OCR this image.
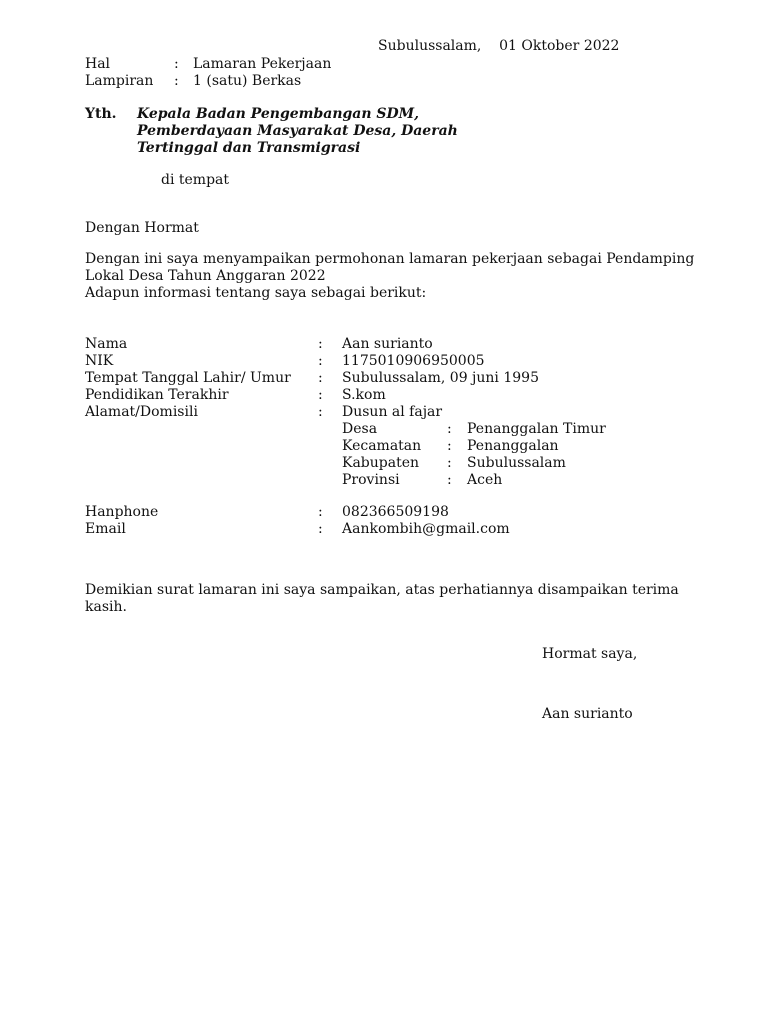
Subulussalam,    01 Oktober 2022
Hal	: Lamaran Pekerjaan
Lampiran : 1 (satu) Berkas
Yth. Kepala Badan Pengembangan SDM,
Pemberdayaan Masyarakat Desa, Daerah
Tertinggal dan Transmigrasi
di tempat
Dengan Hormat
Dengan ini saya menyampaikan permohonan lamaran pekerjaan sebagai Pendamping
Lokal Desa Tahun Anggaran 2022
Adapun informasi tentang saya sebagai berikut:
Nama	: Aan surianto
NIK	: 1175010906950005
Tempat Tanggal Lahir/ Umur : Subulussalam, 09 juni 1995
Pendidikan Terakhir	: S.kom
Alamat/Domisili	: Dusun al fajar
Desa	: Penanggalan Timur
Kecamatan : Penanggalan
Kabupaten : Subulussalam
Provinsi	: Aceh
Hanphone	: 082366509198
Email	: Aankombih@gmail.com
Demikian surat lamaran ini saya sampaikan, atas perhatiannya disampaikan terima
kasih.
Hormat saya,
Aan surianto
